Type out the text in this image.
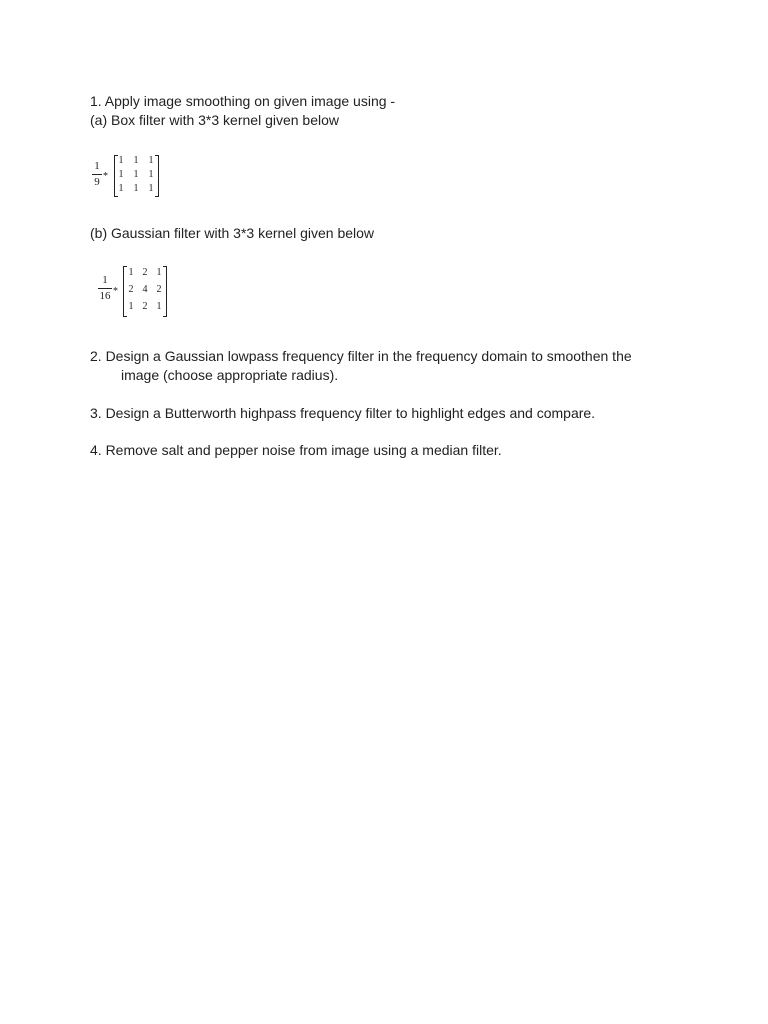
1. Apply image smoothing on given image using -
(a) Box filter with 3*3 kernel given below
1
9 *
1 1 1
1 1 1
1 1 1
(b) Gaussian filter with 3*3 kernel given below
1
16 *
1 2 1
2 4 2
1 2 1
2. Design a Gaussian lowpass frequency filter in the frequency domain to smoothen the
image (choose appropriate radius).
3. Design a Butterworth highpass frequency filter to highlight edges and compare.
4. Remove salt and pepper noise from image using a median filter.
